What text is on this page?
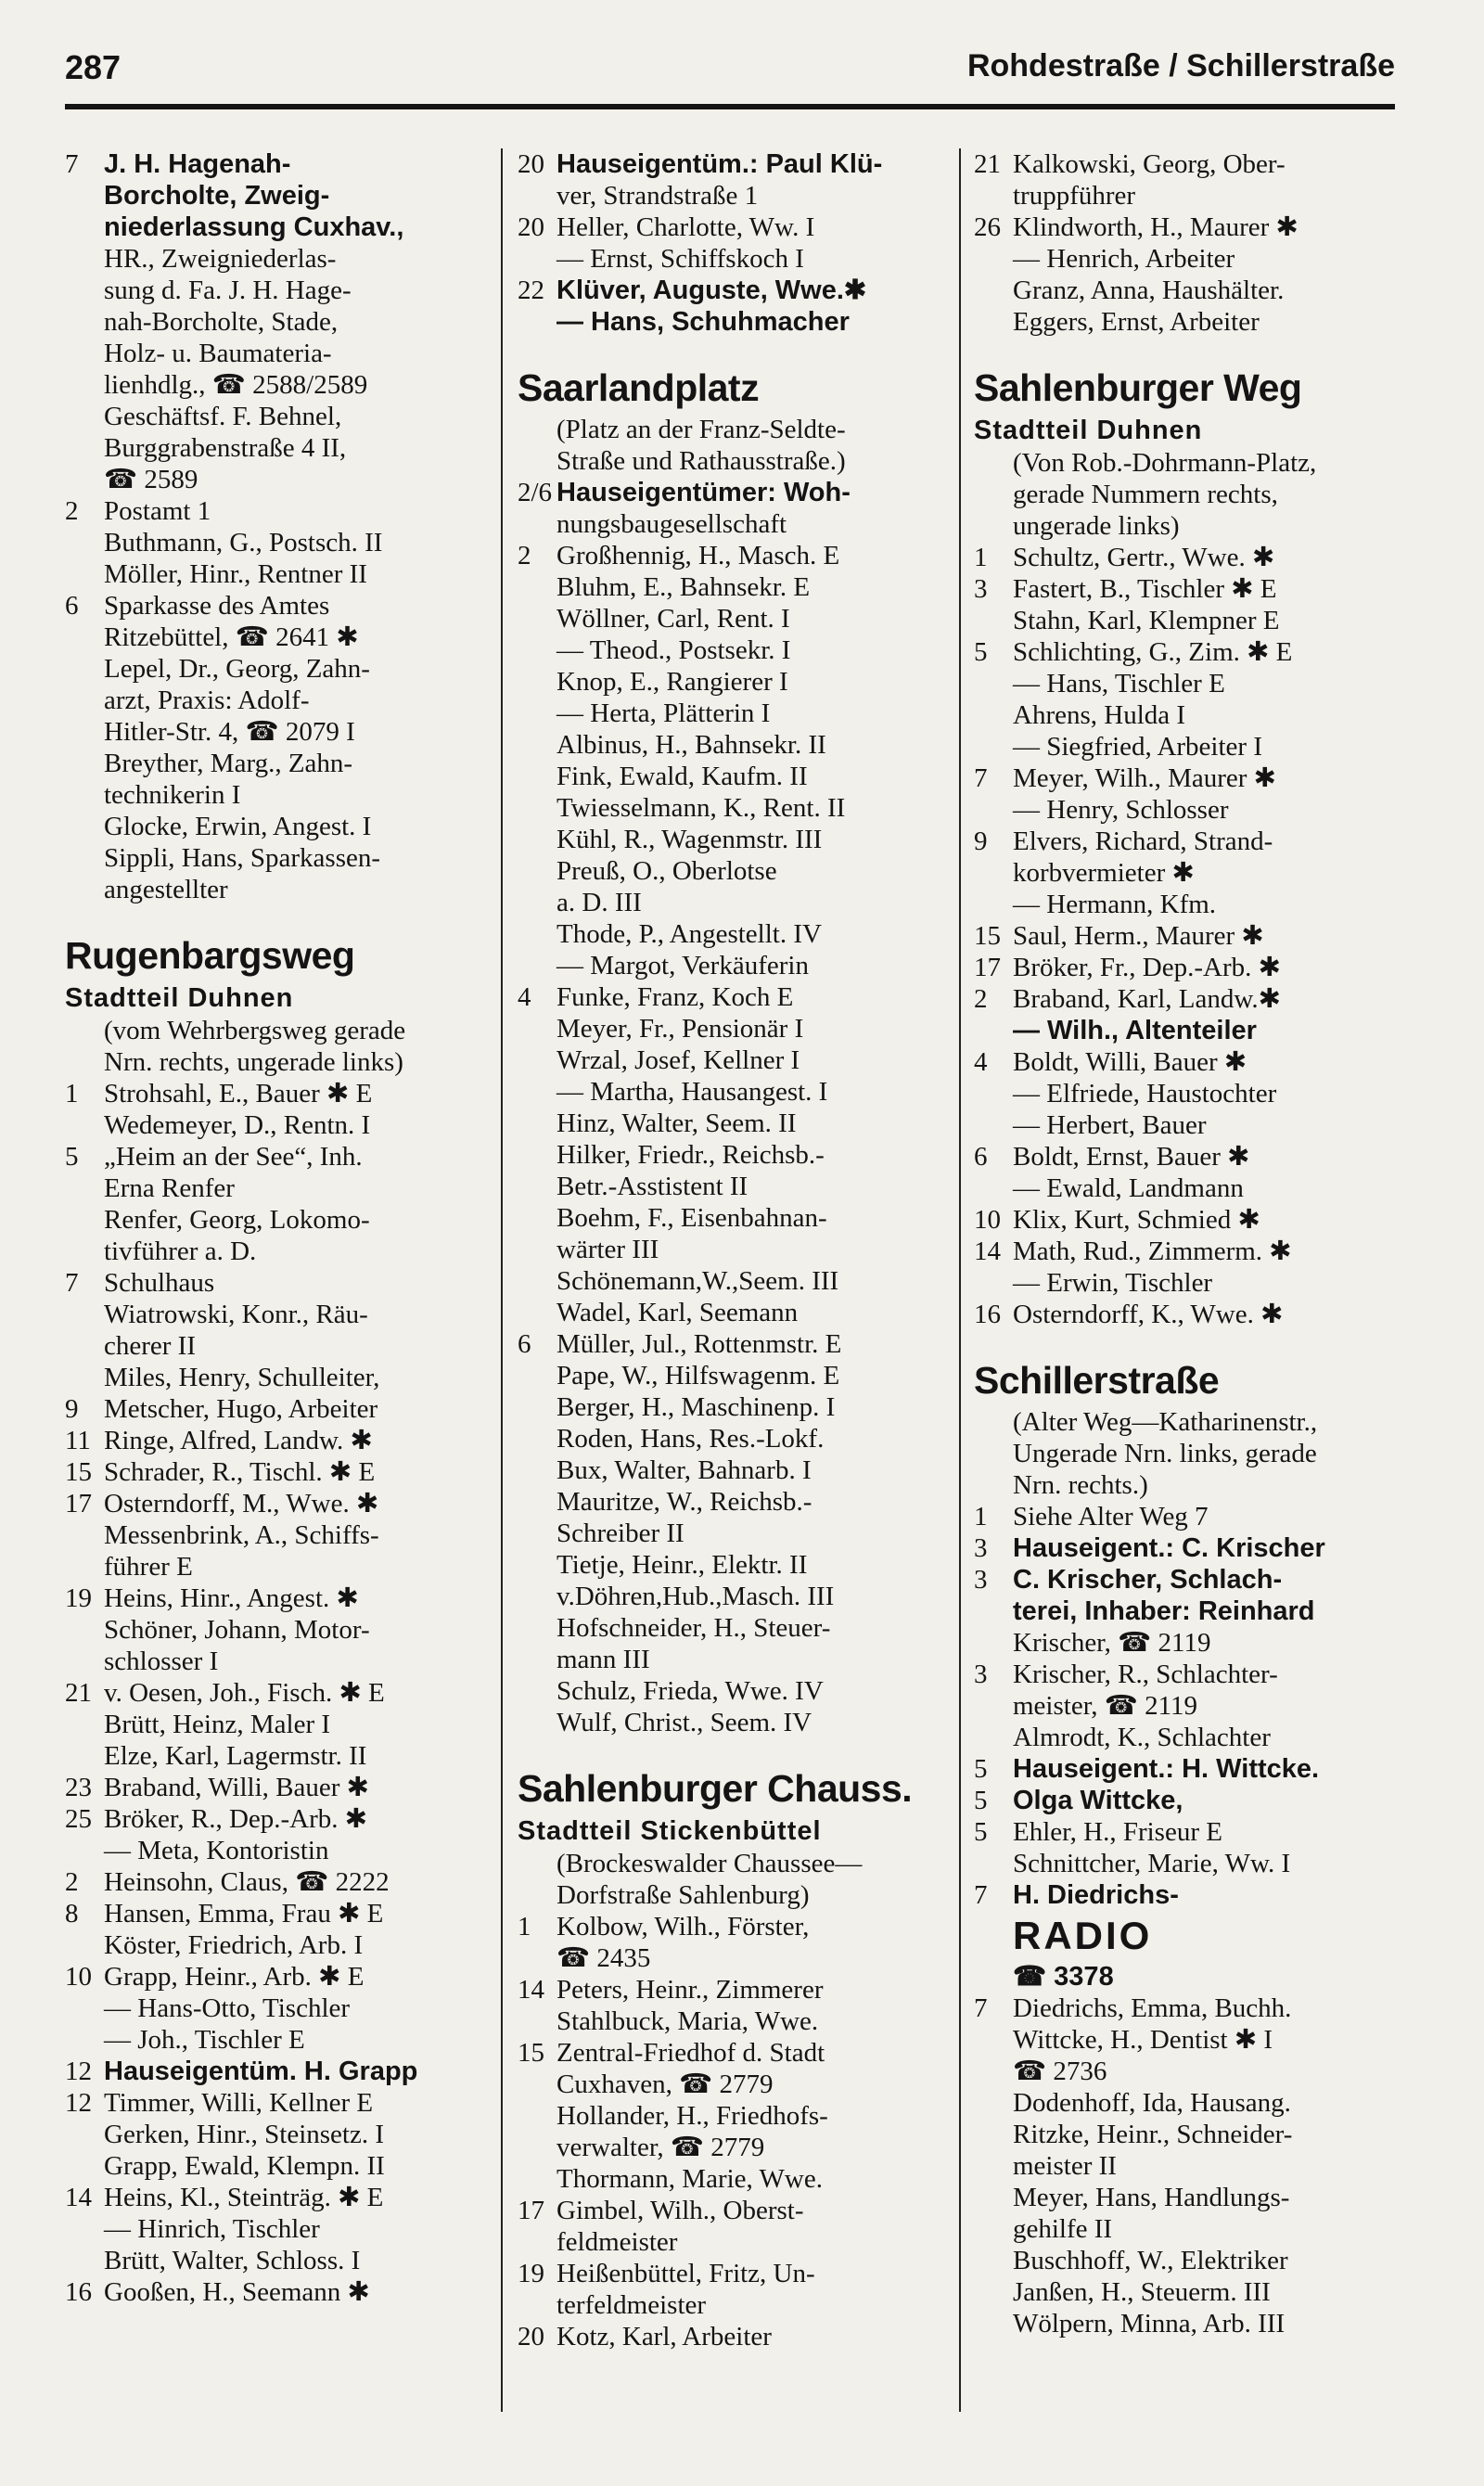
287	Rohdestraße / Schillerstraße
7 J. H. Hagenah-
Borcholte, Zweig-
niederlassung Cuxhav.,
HR., Zweigniederlas-
sung d. Fa. J. H. Hage-
nah-Borcholte, Stade,
Holz- u. Baumateria-
lienhdlg., ☎ 2588/2589
Geschäftsf. F. Behnel,
Burggrabenstraße 4 II,
☎ 2589
2 Postamt 1
Buthmann, G., Postsch. II
Möller, Hinr., Rentner II
6 Sparkasse des Amtes
Ritzebüttel, ☎ 2641 ✱
Lepel, Dr., Georg, Zahn-
arzt, Praxis: Adolf-
Hitler-Str. 4, ☎ 2079 I
Breyther, Marg., Zahn-
technikerin I
Glocke, Erwin, Angest. I
Sippli, Hans, Sparkassen-
angestellter
Rugenbargsweg
Stadtteil Duhnen
(vom Wehrbergsweg gerade
Nrn. rechts, ungerade links)
1 Strohsahl, E., Bauer ✱ E
Wedemeyer, D., Rentn. I
5 „Heim an der See“, Inh.
Erna Renfer
Renfer, Georg, Lokomo-
tivführer a. D.
7 Schulhaus
Wiatrowski, Konr., Räu-
cherer II
Miles, Henry, Schulleiter,
9 Metscher, Hugo, Arbeiter
11 Ringe, Alfred, Landw. ✱
15 Schrader, R., Tischl. ✱ E
17 Osterndorff, M., Wwe. ✱
Messenbrink, A., Schiffs-
führer E
19 Heins, Hinr., Angest. ✱
Schöner, Johann, Motor-
schlosser I
21 v. Oesen, Joh., Fisch. ✱ E
Brütt, Heinz, Maler I
Elze, Karl, Lagermstr. II
23 Braband, Willi, Bauer ✱
25 Bröker, R., Dep.-Arb. ✱
— Meta, Kontoristin
2 Heinsohn, Claus, ☎ 2222
8 Hansen, Emma, Frau ✱ E
Köster, Friedrich, Arb. I
10 Grapp, Heinr., Arb. ✱ E
— Hans-Otto, Tischler
— Joh., Tischler E
12 Hauseigentüm. H. Grapp
12 Timmer, Willi, Kellner E
Gerken, Hinr., Steinsetz. I
Grapp, Ewald, Klempn. II
14 Heins, Kl., Steinträg. ✱ E
— Hinrich, Tischler
Brütt, Walter, Schloss. I
16 Gooßen, H., Seemann ✱
20 Hauseigentüm.: Paul Klü-
ver, Strandstraße 1
20 Heller, Charlotte, Ww. I
— Ernst, Schiffskoch I
22 Klüver, Auguste, Wwe.✱
— Hans, Schuhmacher
Saarlandplatz
(Platz an der Franz-Seldte-
Straße und Rathausstraße.)
2/6 Hauseigentümer: Woh-
nungsbaugesellschaft
2 Großhennig, H., Masch. E
Bluhm, E., Bahnsekr. E
Wöllner, Carl, Rent. I
— Theod., Postsekr. I
Knop, E., Rangierer I
— Herta, Plätterin I
Albinus, H., Bahnsekr. II
Fink, Ewald, Kaufm. II
Twiesselmann, K., Rent. II
Kühl, R., Wagenmstr. III
Preuß, O., Oberlotse
a. D. III
Thode, P., Angestellt. IV
— Margot, Verkäuferin
4 Funke, Franz, Koch E
Meyer, Fr., Pensionär I
Wrzal, Josef, Kellner I
— Martha, Hausangest. I
Hinz, Walter, Seem. II
Hilker, Friedr., Reichsb.-
Betr.-Asstistent II
Boehm, F., Eisenbahnan-
wärter III
Schönemann,W.,Seem. III
Wadel, Karl, Seemann
6 Müller, Jul., Rottenmstr. E
Pape, W., Hilfswagenm. E
Berger, H., Maschinenp. I
Roden, Hans, Res.-Lokf.
Bux, Walter, Bahnarb. I
Mauritze, W., Reichsb.-
Schreiber II
Tietje, Heinr., Elektr. II
v.Döhren,Hub.,Masch. III
Hofschneider, H., Steuer-
mann III
Schulz, Frieda, Wwe. IV
Wulf, Christ., Seem. IV
Sahlenburger Chauss.
Stadtteil Stickenbüttel
(Brockeswalder Chaussee—
Dorfstraße Sahlenburg)
1 Kolbow, Wilh., Förster,
☎ 2435
14 Peters, Heinr., Zimmerer
Stahlbuck, Maria, Wwe.
15 Zentral-Friedhof d. Stadt
Cuxhaven, ☎ 2779
Hollander, H., Friedhofs-
verwalter, ☎ 2779
Thormann, Marie, Wwe.
17 Gimbel, Wilh., Oberst-
feldmeister
19 Heißenbüttel, Fritz, Un-
terfeldmeister
20 Kotz, Karl, Arbeiter
21 Kalkowski, Georg, Ober-
truppführer
26 Klindworth, H., Maurer ✱
— Henrich, Arbeiter
Granz, Anna, Haushälter.
Eggers, Ernst, Arbeiter
Sahlenburger Weg
Stadtteil Duhnen
(Von Rob.-Dohrmann-Platz,
gerade Nummern rechts,
ungerade links)
1 Schultz, Gertr., Wwe. ✱
3 Fastert, B., Tischler ✱ E
Stahn, Karl, Klempner E
5 Schlichting, G., Zim. ✱ E
— Hans, Tischler E
Ahrens, Hulda I
— Siegfried, Arbeiter I
7 Meyer, Wilh., Maurer ✱
— Henry, Schlosser
9 Elvers, Richard, Strand-
korbvermieter ✱
— Hermann, Kfm.
15 Saul, Herm., Maurer ✱
17 Bröker, Fr., Dep.-Arb. ✱
2 Braband, Karl, Landw.✱
— Wilh., Altenteiler
4 Boldt, Willi, Bauer ✱
— Elfriede, Haustochter
— Herbert, Bauer
6 Boldt, Ernst, Bauer ✱
— Ewald, Landmann
10 Klix, Kurt, Schmied ✱
14 Math, Rud., Zimmerm. ✱
— Erwin, Tischler
16 Osterndorff, K., Wwe. ✱
Schillerstraße
(Alter Weg—Katharinenstr.,
Ungerade Nrn. links, gerade
Nrn. rechts.)
1 Siehe Alter Weg 7
3 Hauseigent.: C. Krischer
3 C. Krischer, Schlach-
terei, Inhaber: Reinhard
Krischer, ☎ 2119
3 Krischer, R., Schlachter-
meister, ☎ 2119
Almrodt, K., Schlachter
5 Hauseigent.: H. Wittcke.
5 Olga Wittcke,
5 Ehler, H., Friseur E
Schnittcher, Marie, Ww. I
7 H. Diedrichs-
RADIO
☎ 3378
7 Diedrichs, Emma, Buchh.
Wittcke, H., Dentist ✱ I
☎ 2736
Dodenhoff, Ida, Hausang.
Ritzke, Heinr., Schneider-
meister II
Meyer, Hans, Handlungs-
gehilfe II
Buschhoff, W., Elektriker
Janßen, H., Steuerm. III
Wölpern, Minna, Arb. III
